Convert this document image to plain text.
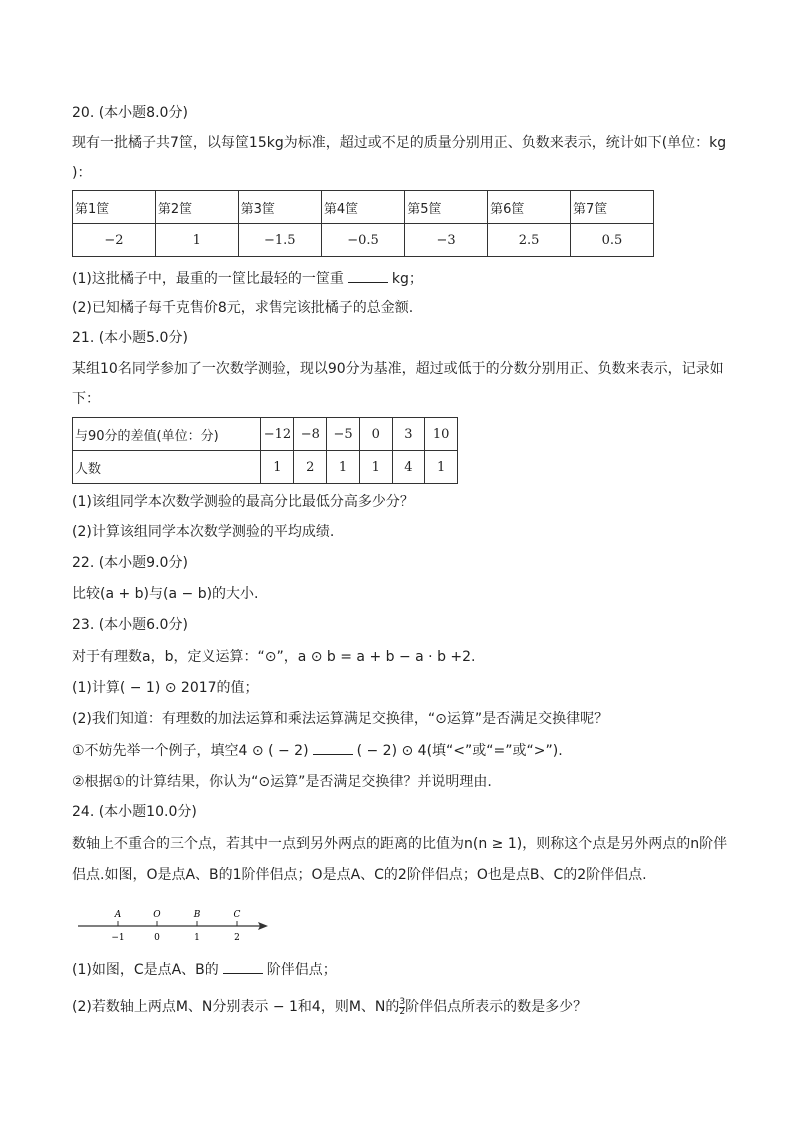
20. (本小题8.0分)
现有一批橘子共7筐，以每筐15kg为标准，超过或不足的质量分别用正、负数来表示，统计如下(单位：kg
)：
第1筐	第2筐	第3筐	第4筐	第5筐	第6筐	第7筐
−2	1	−1.5	−0.5	−3	2.5	0.5
(1)这批橘子中，最重的一筐比最轻的一筐重	kg；
(2)已知橘子每千克售价8元，求售完该批橘子的总金额.
21. (本小题5.0分)
某组10名同学参加了一次数学测验，现以90分为基准，超过或低于的分数分别用正、负数来表示，记录如
下：
与90分的差值(单位：分)	−12	−8	−5	0	3	10
人数	1	2	1	1	4	1
(1)该组同学本次数学测验的最高分比最低分高多少分？
(2)计算该组同学本次数学测验的平均成绩.
22. (本小题9.0分)
比较(a + b)与(a − b)的大小.
23. (本小题6.0分)
对于有理数a，b，定义运算：“⊙”，a ⊙ b = a + b − a · b +2.
(1)计算( − 1) ⊙ 2017的值；
(2)我们知道：有理数的加法运算和乘法运算满足交换律，“⊙运算”是否满足交换律呢？
①不妨先举一个例子，填空4 ⊙ ( − 2)	( − 2) ⊙ 4(填“<”或“=”或“>”).
②根据①的计算结果，你认为“⊙运算”是否满足交换律？并说明理由.
24. (本小题10.0分)
数轴上不重合的三个点，若其中一点到另外两点的距离的比值为n(n ≥ 1)，则称这个点是另外两点的n阶伴
侣点.如图，O是点A、B的1阶伴侣点；O是点A、C的2阶伴侣点；O也是点B、C的2阶伴侣点.
A	O	B	C
−1	0	1	2
(1)如图，C是点A、B的	阶伴侣点；
(2)若数轴上两点M、N分别表示 − 1和4，则M、N的 $\frac{3}{2}$ 阶伴侣点所表示的数是多少？
